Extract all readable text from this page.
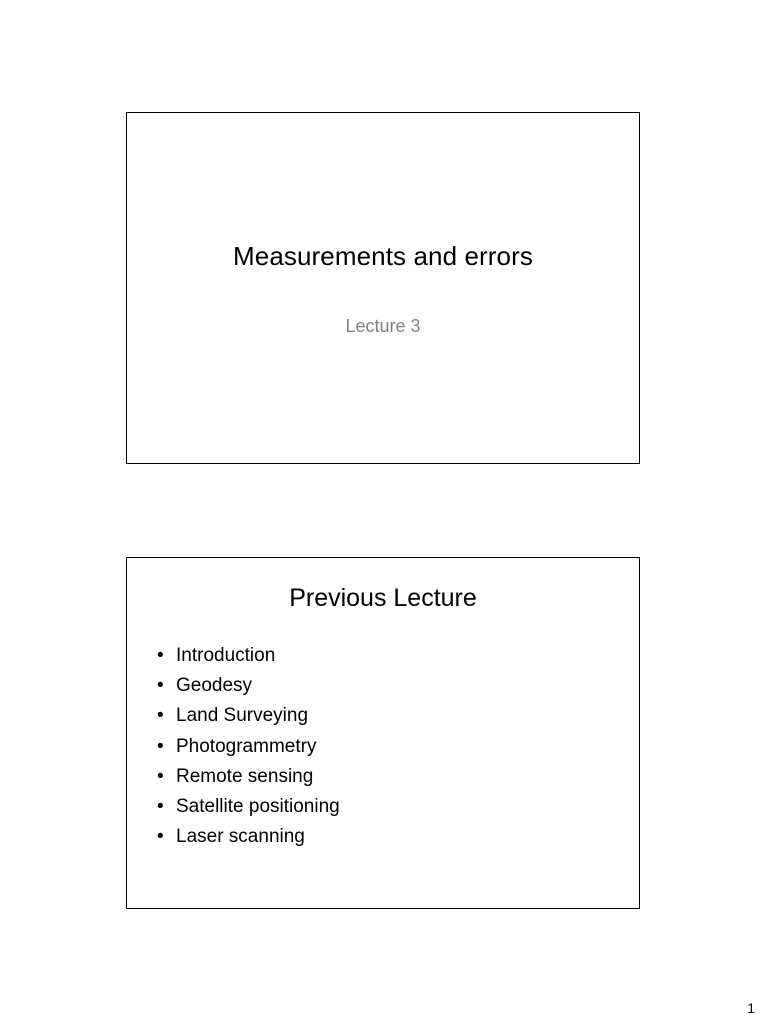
Measurements and errors
Lecture 3
Previous Lecture
• Introduction
• Geodesy
• Land Surveying
• Photogrammetry
• Remote sensing
• Satellite positioning
• Laser scanning
1
